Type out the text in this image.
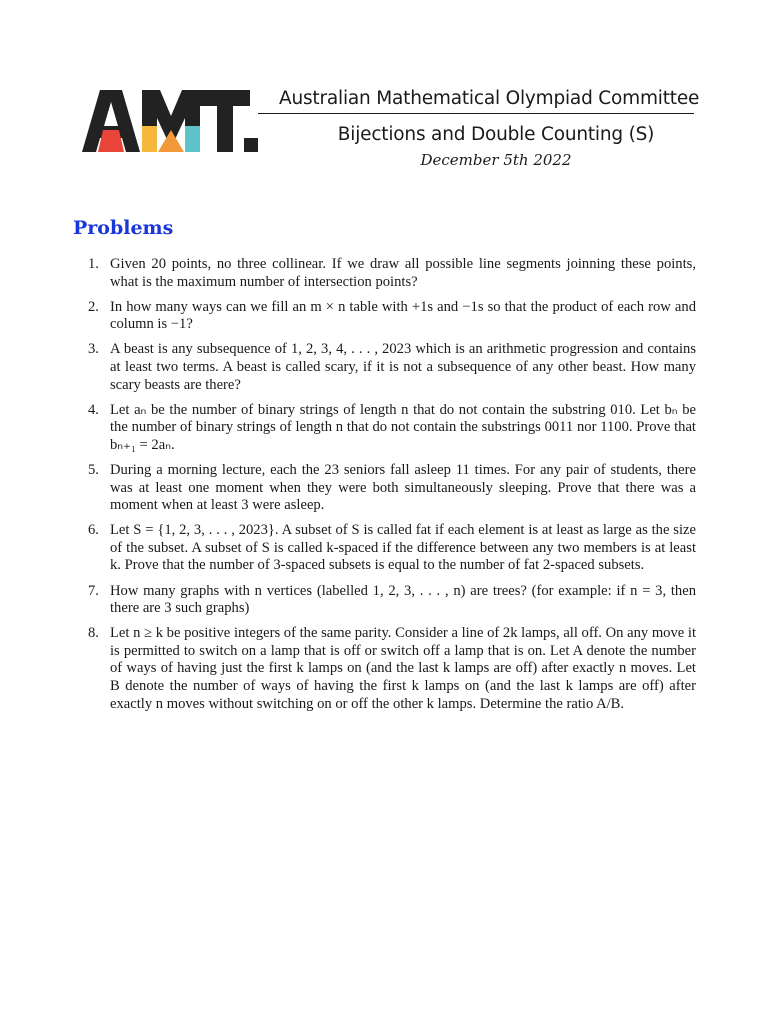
Australian Mathematical Olympiad Committee
Bijections and Double Counting (S)
December 5th 2022
Problems
1. Given 20 points, no three collinear. If we draw all possible line segments joinning these points, what is the maximum number of intersection points?
2. In how many ways can we fill an m × n table with +1s and −1s so that the product of each row and column is −1?
3. A beast is any subsequence of 1, 2, 3, 4, . . . , 2023 which is an arithmetic progression and contains at least two terms. A beast is called scary, if it is not a subsequence of any other beast. How many scary beasts are there?
4. Let aₙ be the number of binary strings of length n that do not contain the substring 010. Let bₙ be the number of binary strings of length n that do not contain the substrings 0011 nor 1100. Prove that bₙ₊₁ = 2aₙ.
5. During a morning lecture, each the 23 seniors fall asleep 11 times. For any pair of students, there was at least one moment when they were both simultaneously sleeping. Prove that there was a moment when at least 3 were asleep.
6. Let S = {1, 2, 3, . . . , 2023}. A subset of S is called fat if each element is at least as large as the size of the subset. A subset of S is called k-spaced if the difference between any two members is at least k. Prove that the number of 3-spaced subsets is equal to the number of fat 2-spaced subsets.
7. How many graphs with n vertices (labelled 1, 2, 3, . . . , n) are trees? (for example: if n = 3, then there are 3 such graphs)
8. Let n ≥ k be positive integers of the same parity. Consider a line of 2k lamps, all off. On any move it is permitted to switch on a lamp that is off or switch off a lamp that is on. Let A denote the number of ways of having just the first k lamps on (and the last k lamps are off) after exactly n moves. Let B denote the number of ways of having the first k lamps on (and the last k lamps are off) after exactly n moves without switching on or off the other k lamps. Determine the ratio A/B.
